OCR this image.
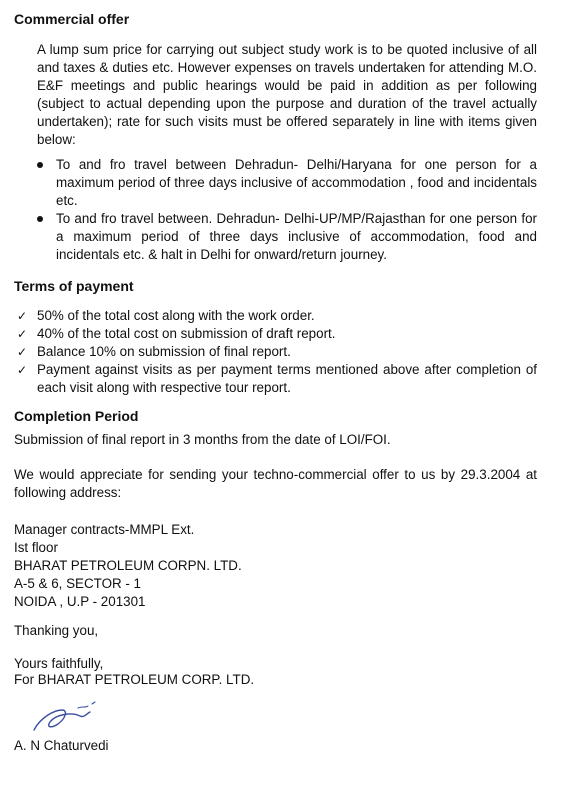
Commercial offer
A lump sum price for carrying out subject study work is to be quoted inclusive of all and taxes & duties etc. However expenses on travels undertaken for attending M.O. E&F meetings and public hearings would be paid in addition as per following (subject to actual depending upon the purpose and duration of the travel actually undertaken); rate for such visits must be offered separately in line with items given below:
To and fro travel between Dehradun- Delhi/Haryana for one person for a maximum period of three days inclusive of accommodation , food and incidentals etc.
To and fro travel between. Dehradun- Delhi-UP/MP/Rajasthan for one person for a maximum period of three days inclusive of accommodation, food and incidentals etc. & halt in Delhi for onward/return journey.
Terms of payment
✓ 50% of the total cost along with the work order.
✓ 40% of the total cost on submission of draft report.
✓ Balance 10% on submission of final report.
✓ Payment against visits as per payment terms mentioned above after completion of each visit along with respective tour report.
Completion Period
Submission of final report in 3 months from the date of LOI/FOI.
We would appreciate for sending your techno-commercial offer to us by 29.3.2004 at following address:
Manager contracts-MMPL Ext.
Ist floor
BHARAT PETROLEUM CORPN. LTD.
A-5 & 6, SECTOR - 1
NOIDA , U.P - 201301
Thanking you,
Yours faithfully,
For BHARAT PETROLEUM CORP. LTD.
A. N Chaturvedi
